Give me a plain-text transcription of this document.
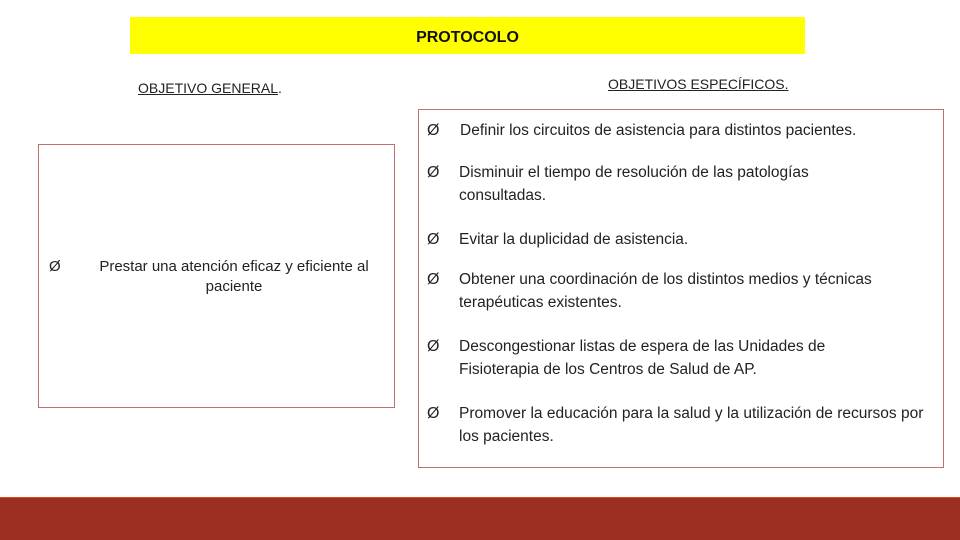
PROTOCOLO
OBJETIVO GENERAL.	OBJETIVOS ESPECÍFICOS.
Ø	Prestar una atención eficaz y eficiente al paciente
Ø	Definir los circuitos de asistencia para distintos pacientes.
Ø	Disminuir el tiempo de resolución de las patologías consultadas.
Ø	Evitar la duplicidad de asistencia.
Ø	Obtener una coordinación de los distintos medios y técnicas terapéuticas existentes.
Ø	Descongestionar listas de espera de las Unidades de Fisioterapia de los Centros de Salud de AP.
Ø	Promover la educación para la salud y la utilización de recursos por los pacientes.
